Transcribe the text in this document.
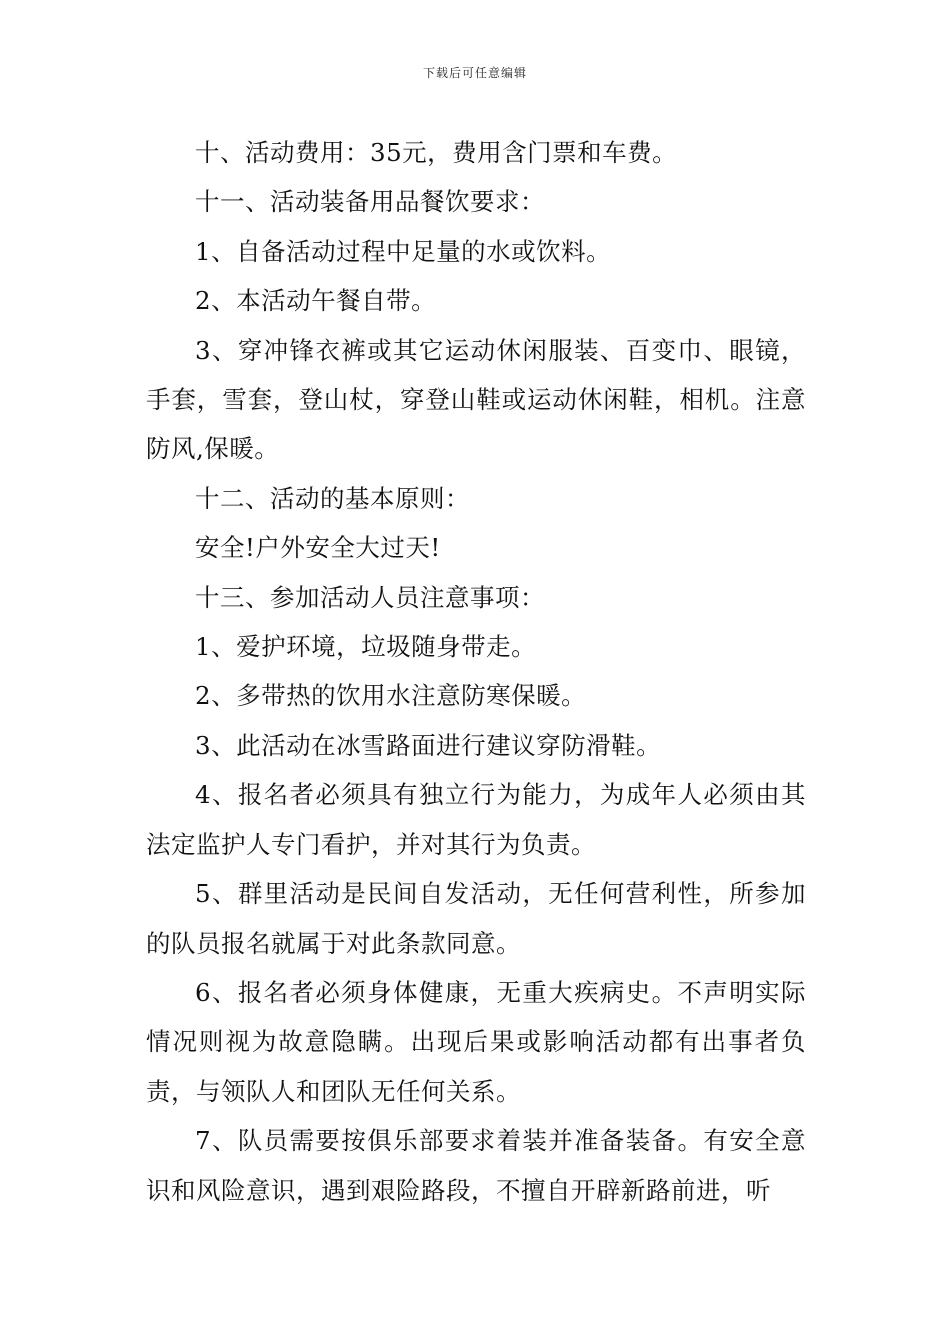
下载后可任意编辑

十、活动费用：35元，费用含门票和车费。

十一、活动装备用品餐饮要求：

1、自备活动过程中足量的水或饮料。

2、本活动午餐自带。

3、穿冲锋衣裤或其它运动休闲服装、百变巾、眼镜，手套，雪套，登山杖，穿登山鞋或运动休闲鞋，相机。注意防风,保暖。

十二、活动的基本原则：

安全!户外安全大过天!

十三、参加活动人员注意事项：

1、爱护环境，垃圾随身带走。

2、多带热的饮用水注意防寒保暖。

3、此活动在冰雪路面进行建议穿防滑鞋。

4、报名者必须具有独立行为能力，为成年人必须由其法定监护人专门看护，并对其行为负责。

5、群里活动是民间自发活动，无任何营利性，所参加的队员报名就属于对此条款同意。

6、报名者必须身体健康，无重大疾病史。不声明实际情况则视为故意隐瞒。出现后果或影响活动都有出事者负责，与领队人和团队无任何关系。

7、队员需要按俱乐部要求着装并准备装备。有安全意识和风险意识，遇到艰险路段，不擅自开辟新路前进，听
